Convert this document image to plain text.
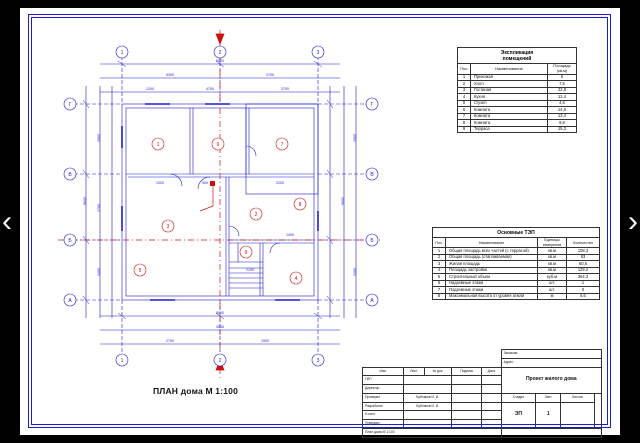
‹	›
1	2	3
1	2	3
Г
В
Б
А
Г
В
Б
А
1	6	7
3
5
2
8
4
9
9000
5300	3700
1200	4700	3700
9000
3545
2700	1500
9000
3900
1700
3400
9000
3900
3300
1000	900	2200
1400
2100
ПЛАН дома М 1:100
Экспликация
помещений
Поз.	Наименование	Площадь (кв.м)
1	Прихожая	6
2	Холл	7,5
3	Гостиная	22,8
4	Кухня	12,4
5	С/узел	4,6
6	Комната	14,6
7	Комната	13,4
8	Комната	9,8
9	Терраса	15,3
Основные ТЭП
Поз.	Наименование	Единицы измерения	Количество
1	Общая площадь всех частей (с террасой)	кв.м	108,3
2	Общая площадь (отапливаемая)	кв.м	93
3	Жилая площадь	кв.м	60,6
4	Площадь застройки	кв.м	129,2
5	Строительный объем	куб.м	364,3
6	Надземные этажи	шт.	1
7	Подземные этажи	шт.	0
8	Максимальная высота от уровня земли	м	6,6
					Заказчик:			
					Адрес:			
Изм.	Лист	№ док.	Подпись	Дата	Проект жилого дома			
ГИП								
Директор								
Проверил	Бубликов И. И.				Стадия	Лист	Листов	
Разработал	Бубликов И. И.				ЭП	1		
Н.конт.								
Утвердил								
План дома М 1:100								
